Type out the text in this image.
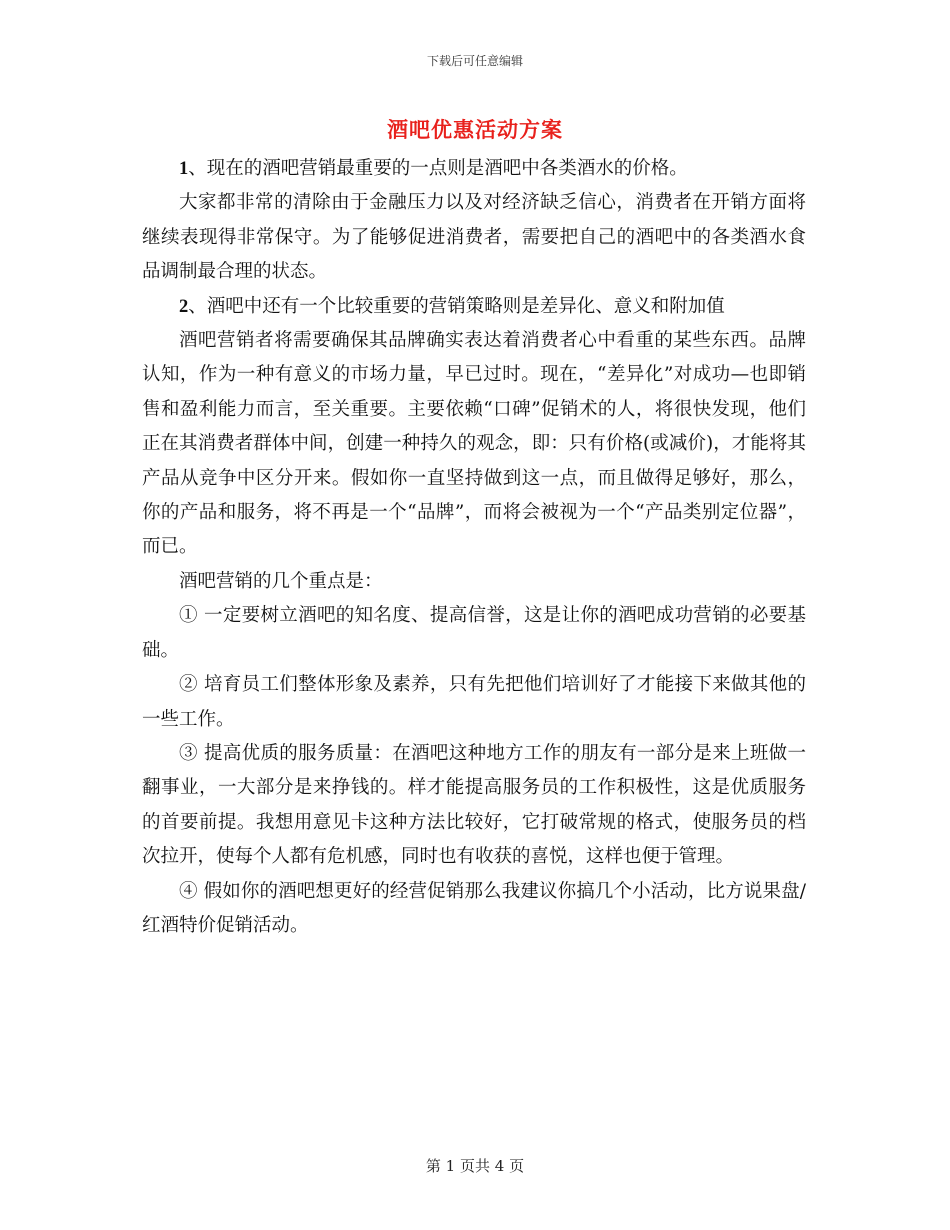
下载后可任意编辑
酒吧优惠活动方案

1、现在的酒吧营销最重要的一点则是酒吧中各类酒水的价格。

大家都非常的清除由于金融压力以及对经济缺乏信心，消费者在开销方面将继续表现得非常保守。为了能够促进消费者，需要把自己的酒吧中的各类酒水食品调制最合理的状态。

2、酒吧中还有一个比较重要的营销策略则是差异化、意义和附加值

酒吧营销者将需要确保其品牌确实表达着消费者心中看重的某些东西。品牌认知，作为一种有意义的市场力量，早已过时。现在，“差异化”对成功—也即销售和盈利能力而言，至关重要。主要依赖“口碑”促销术的人，将很快发现，他们正在其消费者群体中间，创建一种持久的观念，即：只有价格(或减价)，才能将其产品从竞争中区分开来。假如你一直坚持做到这一点，而且做得足够好，那么，你的产品和服务，将不再是一个“品牌”，而将会被视为一个“产品类别定位器”，而已。

酒吧营销的几个重点是：

① 一定要树立酒吧的知名度、提高信誉，这是让你的酒吧成功营销的必要基础。

② 培育员工们整体形象及素养，只有先把他们培训好了才能接下来做其他的一些工作。

③ 提高优质的服务质量：在酒吧这种地方工作的朋友有一部分是来上班做一翻事业，一大部分是来挣钱的。样才能提高服务员的工作积极性，这是优质服务的首要前提。我想用意见卡这种方法比较好，它打破常规的格式，使服务员的档次拉开，使每个人都有危机感，同时也有收获的喜悦，这样也便于管理。

④ 假如你的酒吧想更好的经营促销那么我建议你搞几个小活动，比方说果盘/红酒特价促销活动。

第 1 页共 4 页
